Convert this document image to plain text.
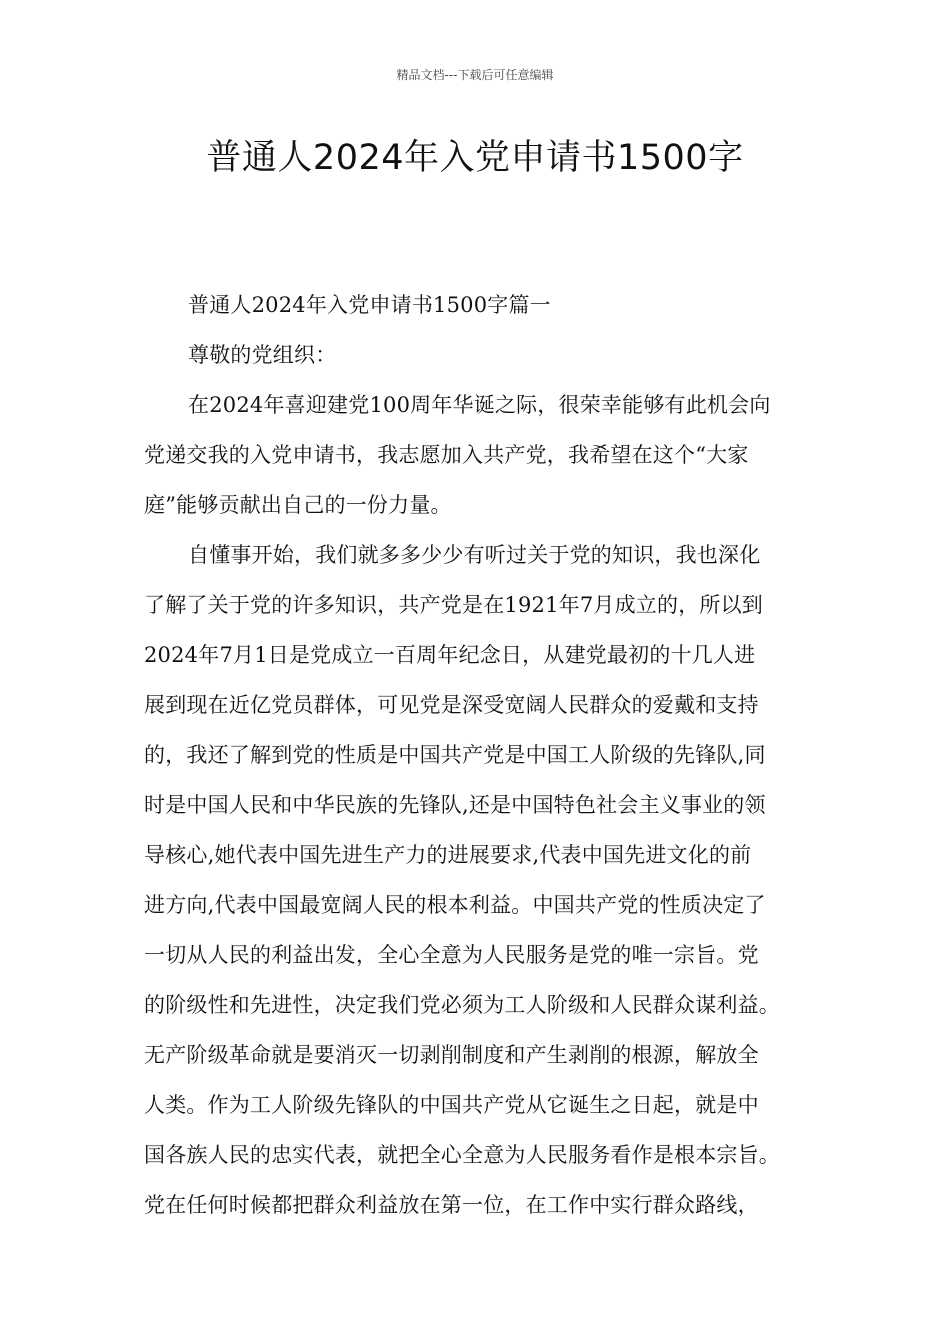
精品文档---下载后可任意编辑
普通人2024年入党申请书1500字
普通人2024年入党申请书1500字篇一
尊敬的党组织：
在2024年喜迎建党100周年华诞之际，很荣幸能够有此机会向
党递交我的入党申请书，我志愿加入共产党，我希望在这个“大家
庭”能够贡献出自己的一份力量。
自懂事开始，我们就多多少少有听过关于党的知识，我也深化
了解了关于党的许多知识，共产党是在1921年7月成立的，所以到
2024年7月1日是党成立一百周年纪念日，从建党最初的十几人进
展到现在近亿党员群体，可见党是深受宽阔人民群众的爱戴和支持
的，我还了解到党的性质是中国共产党是中国工人阶级的先锋队,同
时是中国人民和中华民族的先锋队,还是中国特色社会主义事业的领
导核心,她代表中国先进生产力的进展要求,代表中国先进文化的前
进方向,代表中国最宽阔人民的根本利益。中国共产党的性质决定了
一切从人民的利益出发，全心全意为人民服务是党的唯一宗旨。党
的阶级性和先进性，决定我们党必须为工人阶级和人民群众谋利益。
无产阶级革命就是要消灭一切剥削制度和产生剥削的根源，解放全
人类。作为工人阶级先锋队的中国共产党从它诞生之日起，就是中
国各族人民的忠实代表，就把全心全意为人民服务看作是根本宗旨。
党在任何时候都把群众利益放在第一位，在工作中实行群众路线，
